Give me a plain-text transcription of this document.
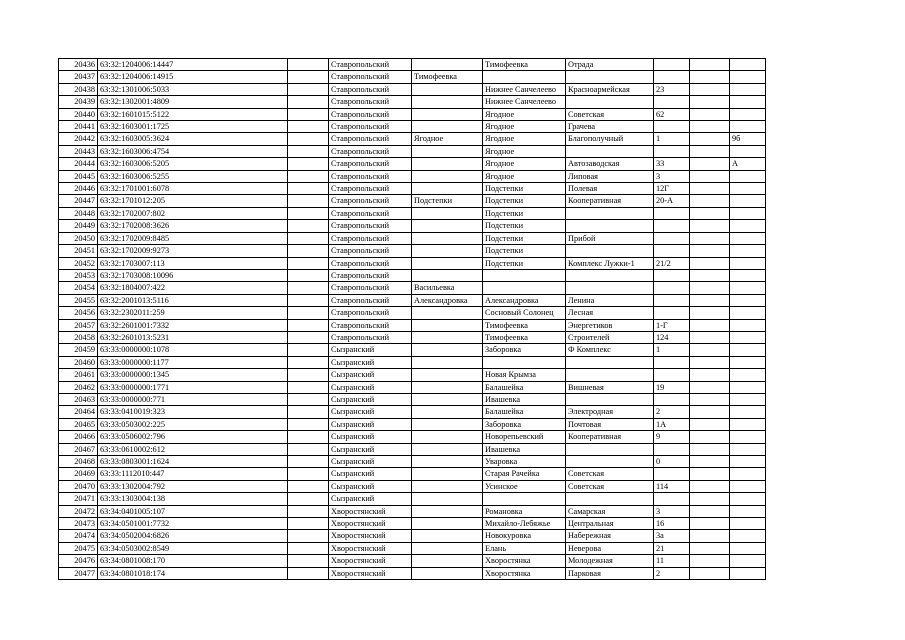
20436	63:32:1204006:14447		Ставропольский		Тимофеевка	Отрада			
20437	63:32:1204006:14915		Ставропольский	Тимофеевка					
20438	63:32:1301006:5033		Ставропольский		Нижнее Санчелеево	Красноармейская	23		
20439	63:32:1302001:4809		Ставропольский		Нижнее Санчелеево				
20440	63:32:1601015:5122		Ставропольский		Ягодное	Советская	62		
20441	63:32:1603001:1725		Ставропольский		Ягодное	Грачева			
20442	63:32:1603005:3624		Ставропольский	Ягодное	Ягодное	Благополучный	1		9б
20443	63:32:1603006:4754		Ставропольский		Ягодное				
20444	63:32:1603006:5205		Ставропольский		Ягодное	Автозаводская	33		А
20445	63:32:1603006:5255		Ставропольский		Ягодное	Липовая	3		
20446	63:32:1701001:6078		Ставропольский		Подстепки	Полевая	12Г		
20447	63:32:1701012:205		Ставропольский	Подстепки	Подстепки	Кооперативная	20-А		
20448	63:32:1702007:802		Ставропольский		Подстепки				
20449	63:32:1702008:3626		Ставропольский		Подстепки				
20450	63:32:1702009:8485		Ставропольский		Подстепки	Прибой			
20451	63:32:1702009:9273		Ставропольский		Подстепки				
20452	63:32:1703007:113		Ставропольский		Подстепки	Комплекс Лужки-1	21/2		
20453	63:32:1703008:10096		Ставропольский						
20454	63:32:1804007:422		Ставропольский	Васильевка					
20455	63:32:2001013:5116		Ставропольский	Александровка	Александровка	Ленина			
20456	63:32:2302011:259		Ставропольский		Сосновый Солонец	Лесная			
20457	63:32:2601001:7332		Ставропольский		Тимофеевка	Энергетиков	1-Г		
20458	63:32:2601013:5231		Ставропольский		Тимофеевка	Строителей	124		
20459	63:33:0000000:1078		Сызранский		Заборовка	Ф Комплекс	1		
20460	63:33:0000000:1177		Сызранский						
20461	63:33:0000000:1345		Сызранский		Новая Крымза				
20462	63:33:0000000:1771		Сызранский		Балашейка	Вишневая	19		
20463	63:33:0000000:771		Сызранский		Ивашевка				
20464	63:33:0410019:323		Сызранский		Балашейка	Электродная	2		
20465	63:33:0503002:225		Сызранский		Заборовка	Почтовая	1А		
20466	63:33:0506002:796		Сызранский		Новорепьевский	Кооперативная	9		
20467	63:33:0610002:612		Сызранский		Ивашевка				
20468	63:33:0803001:1624		Сызранский		Уваровка		0		
20469	63:33:1112010:447		Сызранский		Старая Рачейка	Советская			
20470	63:33:1302004:792		Сызранский		Усинское	Советская	114		
20471	63:33:1303004:138		Сызранский						
20472	63:34:0401005:107		Хворостянский		Романовка	Самарская	3		
20473	63:34:0501001:7732		Хворостянский		Михайло-Лебяжье	Центральная	16		
20474	63:34:0502004:6826		Хворостянский		Новокуровка	Набережная	3а		
20475	63:34:0503002:8549		Хворостянский		Елань	Неверова	21		
20476	63:34:0801008:170		Хворостянский		Хворостянка	Молодежная	11		
20477	63:34:0801018:174		Хворостянский		Хворостянка	Парковая	2		
